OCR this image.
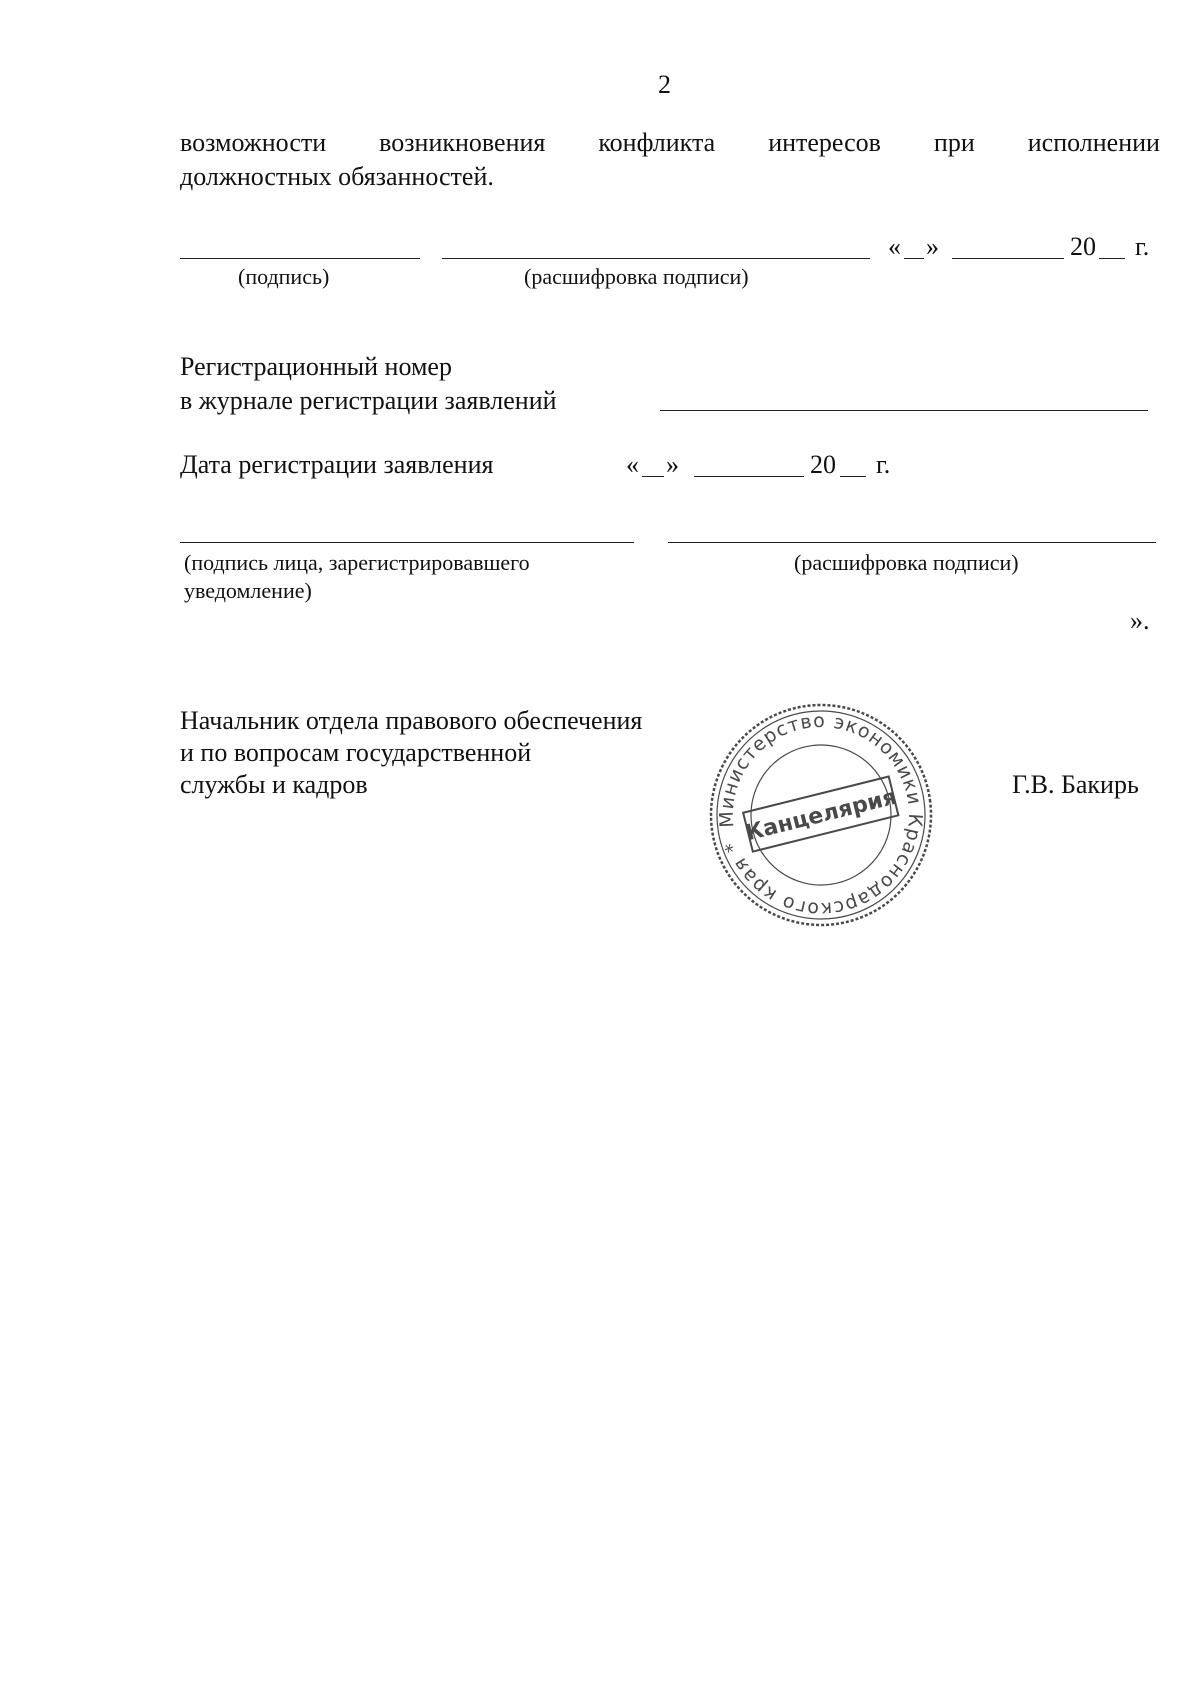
2
возможности возникновения конфликта интересов при исполнении
должностных обязанностей.
« »	20 г.
(подпись)	(расшифровка подписи)
Регистрационный номер
в журнале регистрации заявлений
Дата регистрации заявления	« »	20 г.
(подпись лица, зарегистрировавшего
уведомление)
(расшифровка подписи)
».
Начальник отдела правового обеспечения
и по вопросам государственной
службы и кадров	Г.В. Бакирь
Министерство экономики Краснодарского края *
Канцелярия
